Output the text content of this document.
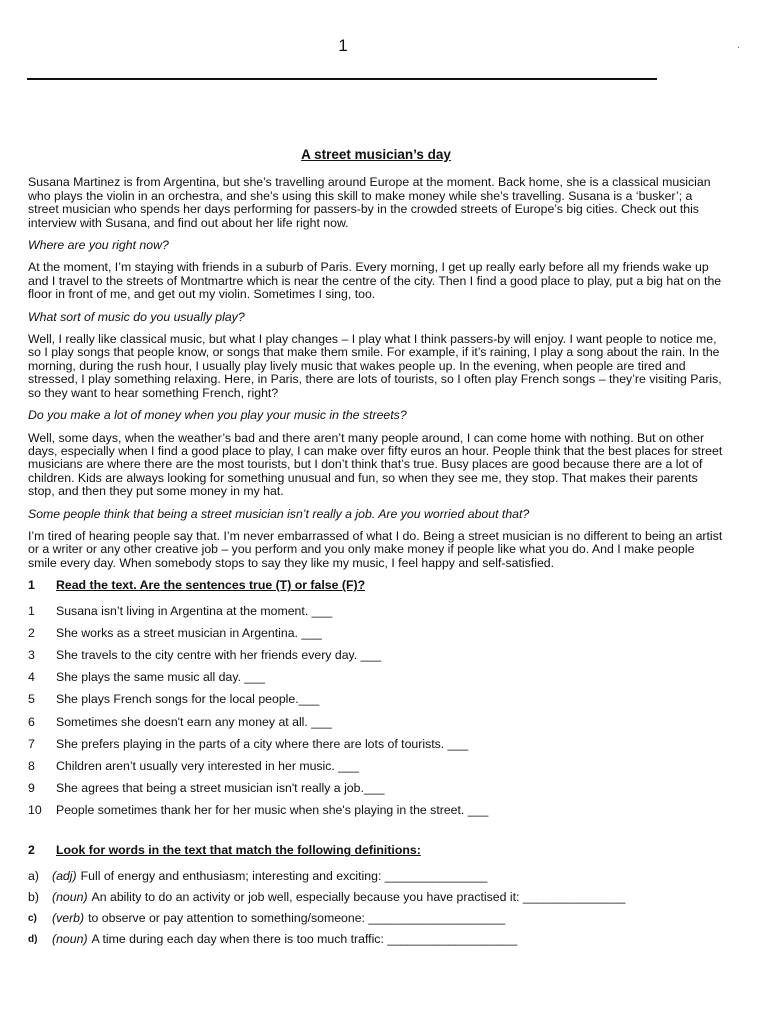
1	.
A street musician’s day

Susana Martinez is from Argentina, but she’s travelling around Europe at the moment. Back home, she is a classical musician who plays the violin in an orchestra, and she’s using this skill to make money while she’s travelling. Susana is a ‘busker’; a street musician who spends her days performing for passers-by in the crowded streets of Europe’s big cities. Check out this interview with Susana, and find out about her life right now.

Where are you right now?

At the moment, I’m staying with friends in a suburb of Paris. Every morning, I get up really early before all my friends wake up and I travel to the streets of Montmartre which is near the centre of the city. Then I find a good place to play, put a big hat on the floor in front of me, and get out my violin. Sometimes I sing, too.

What sort of music do you usually play?

Well, I really like classical music, but what I play changes – I play what I think passers-by will enjoy. I want people to notice me, so I play songs that people know, or songs that make them smile. For example, if it’s raining, I play a song about the rain. In the morning, during the rush hour, I usually play lively music that wakes people up. In the evening, when people are tired and stressed, I play something relaxing. Here, in Paris, there are lots of tourists, so I often play French songs – they’re visiting Paris, so they want to hear something French, right?

Do you make a lot of money when you play your music in the streets?

Well, some days, when the weather’s bad and there aren’t many people around, I can come home with nothing. But on other days, especially when I find a good place to play, I can make over fifty euros an hour. People think that the best places for street musicians are where there are the most tourists, but I don’t think that’s true. Busy places are good because there are a lot of children. Kids are always looking for something unusual and fun, so when they see me, they stop. That makes their parents stop, and then they put some money in my hat.

Some people think that being a street musician isn’t really a job. Are you worried about that?

I’m tired of hearing people say that. I’m never embarrassed of what I do. Being a street musician is no different to being an artist or a writer or any other creative job – you perform and you only make money if people like what you do. And I make people smile every day. When somebody stops to say they like my music, I feel happy and self-satisfied.

1	Read the text. Are the sentences true (T) or false (F)?
1	Susana isn’t living in Argentina at the moment. ___
2	She works as a street musician in Argentina. ___
3	She travels to the city centre with her friends every day. ___
4	She plays the same music all day. ___
5	She plays French songs for the local people.___
6	Sometimes she doesn't earn any money at all. ___
7	She prefers playing in the parts of a city where there are lots of tourists. ___
8	Children aren’t usually very interested in her music. ___
9	She agrees that being a street musician isn't really a job.___
10	People sometimes thank her for her music when she's playing in the street. ___
2	Look for words in the text that match the following definitions:
a)	(adj) Full of energy and enthusiasm; interesting and exciting: _______________
b)	(noun) An ability to do an activity or job well, especially because you have practised it: _______________
c)	(verb) to observe or pay attention to something/someone: ____________________
d)	(noun) A time during each day when there is too much traffic: ___________________
